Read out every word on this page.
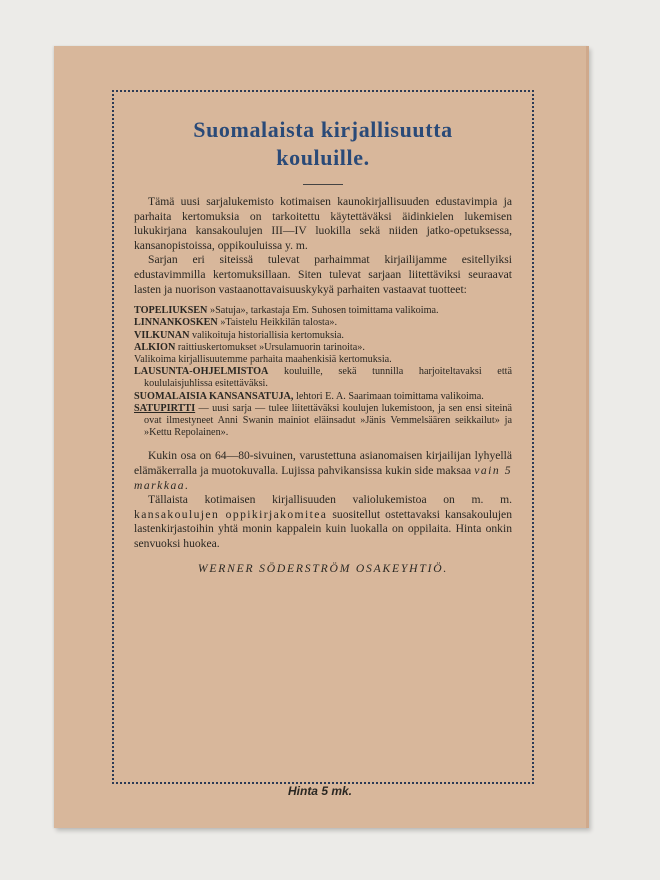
Suomalaista kirjallisuutta
kouluille.

Tämä uusi sarjalukemisto kotimaisen kaunokirjallisuuden edustavimpia ja parhaita kertomuksia on tarkoitettu käytettäväksi äidinkielen lukemisen lukukirjana kansakoulujen III—IV luokilla sekä niiden jatko-opetuksessa, kansanopistoissa, oppikouluissa y. m.

Sarjan eri siteissä tulevat parhaimmat kirjailijamme esitellyiksi edustavimmilla kertomuksillaan. Siten tulevat sarjaan liitettäviksi seuraavat lasten ja nuorison vastaanottavaisuuskykyä parhaiten vastaavat tuotteet:

TOPELIUKSEN »Satuja», tarkastaja Em. Suhosen toimittama valikoima.
LINNANKOSKEN »Taistelu Heikkilän talosta».
VILKUNAN valikoituja historiallisia kertomuksia.
ALKION raittiuskertomukset »Ursulamuorin tarinoita».
Valikoima kirjallisuutemme parhaita maahenkisiä kertomuksia.
LAUSUNTA-OHJELMISTOA kouluille, sekä tunnilla harjoiteltavaksi että koululaisjuhlissa esitettäväksi.
SUOMALAISIA KANSANSATUJA, lehtori E. A. Saarimaan toimittama valikoima.
SATUPIRTTI — uusi sarja — tulee liitettäväksi koulujen lukemistoon, ja sen ensi siteinä ovat ilmestyneet Anni Swanin mainiot eläinsadut »Jänis Vemmelsäären seikkailut» ja »Kettu Repolainen».

Kukin osa on 64—80-sivuinen, varustettuna asianomaisen kirjailijan lyhyellä elämäkerralla ja muotokuvalla. Lujissa pahvikansissa kukin side maksaa vain 5 markkaa.

Tällaista kotimaisen kirjallisuuden valiolukemistoa on m. m. kansakoulujen oppikirjakomitea suositellut ostettavaksi kansakoulujen lastenkirjastoihin yhtä monin kappalein kuin luokalla on oppilaita. Hinta onkin senvuoksi huokea.

WERNER SÖDERSTRÖM OSAKEYHTIÖ.
Hinta 5 mk.
